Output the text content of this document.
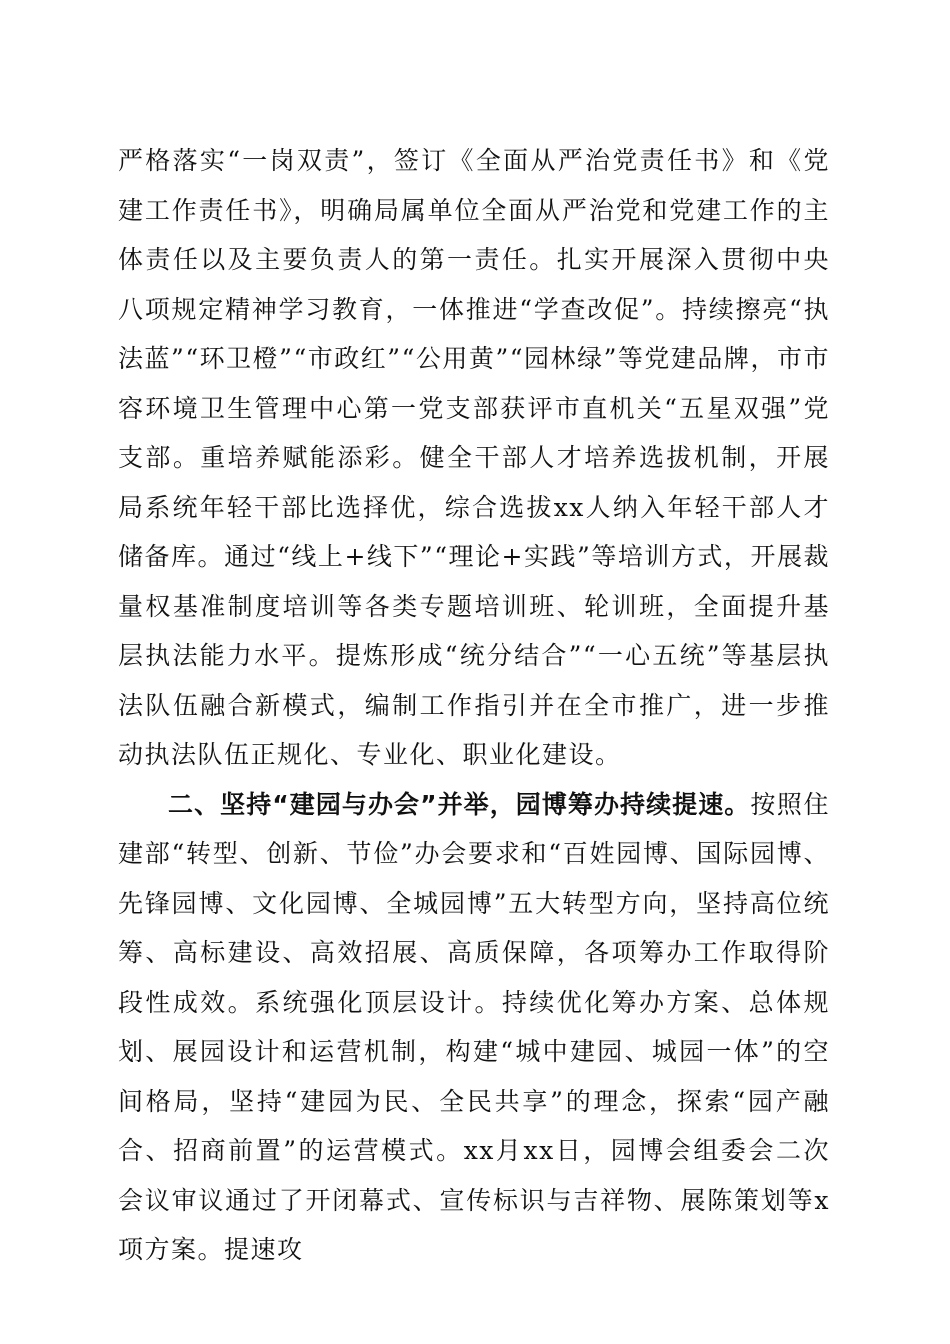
严格落实“一岗双责”，签订《全面从严治党责任书》和《党建工作责任书》，明确局属单位全面从严治党和党建工作的主体责任以及主要负责人的第一责任。扎实开展深入贯彻中央八项规定精神学习教育，一体推进“学查改促”。持续擦亮“执法蓝”“环卫橙”“市政红”“公用黄”“园林绿”等党建品牌，市市容环境卫生管理中心第一党支部获评市直机关“五星双强”党支部。重培养赋能添彩。健全干部人才培养选拔机制，开展局系统年轻干部比选择优，综合选拔xx人纳入年轻干部人才储备库。通过“线上+线下”“理论+实践”等培训方式，开展裁量权基准制度培训等各类专题培训班、轮训班，全面提升基层执法能力水平。提炼形成“统分结合”“一心五统”等基层执法队伍融合新模式，编制工作指引并在全市推广，进一步推动执法队伍正规化、专业化、职业化建设。

二、坚持“建园与办会”并举，园博筹办持续提速。按照住建部“转型、创新、节俭”办会要求和“百姓园博、国际园博、先锋园博、文化园博、全城园博”五大转型方向，坚持高位统筹、高标建设、高效招展、高质保障，各项筹办工作取得阶段性成效。系统强化顶层设计。持续优化筹办方案、总体规划、展园设计和运营机制，构建“城中建园、城园一体”的空间格局，坚持“建园为民、全民共享”的理念，探索“园产融合、招商前置”的运营模式。xx月xx日，园博会组委会二次会议审议通过了开闭幕式、宣传标识与吉祥物、展陈策划等x项方案。提速攻
